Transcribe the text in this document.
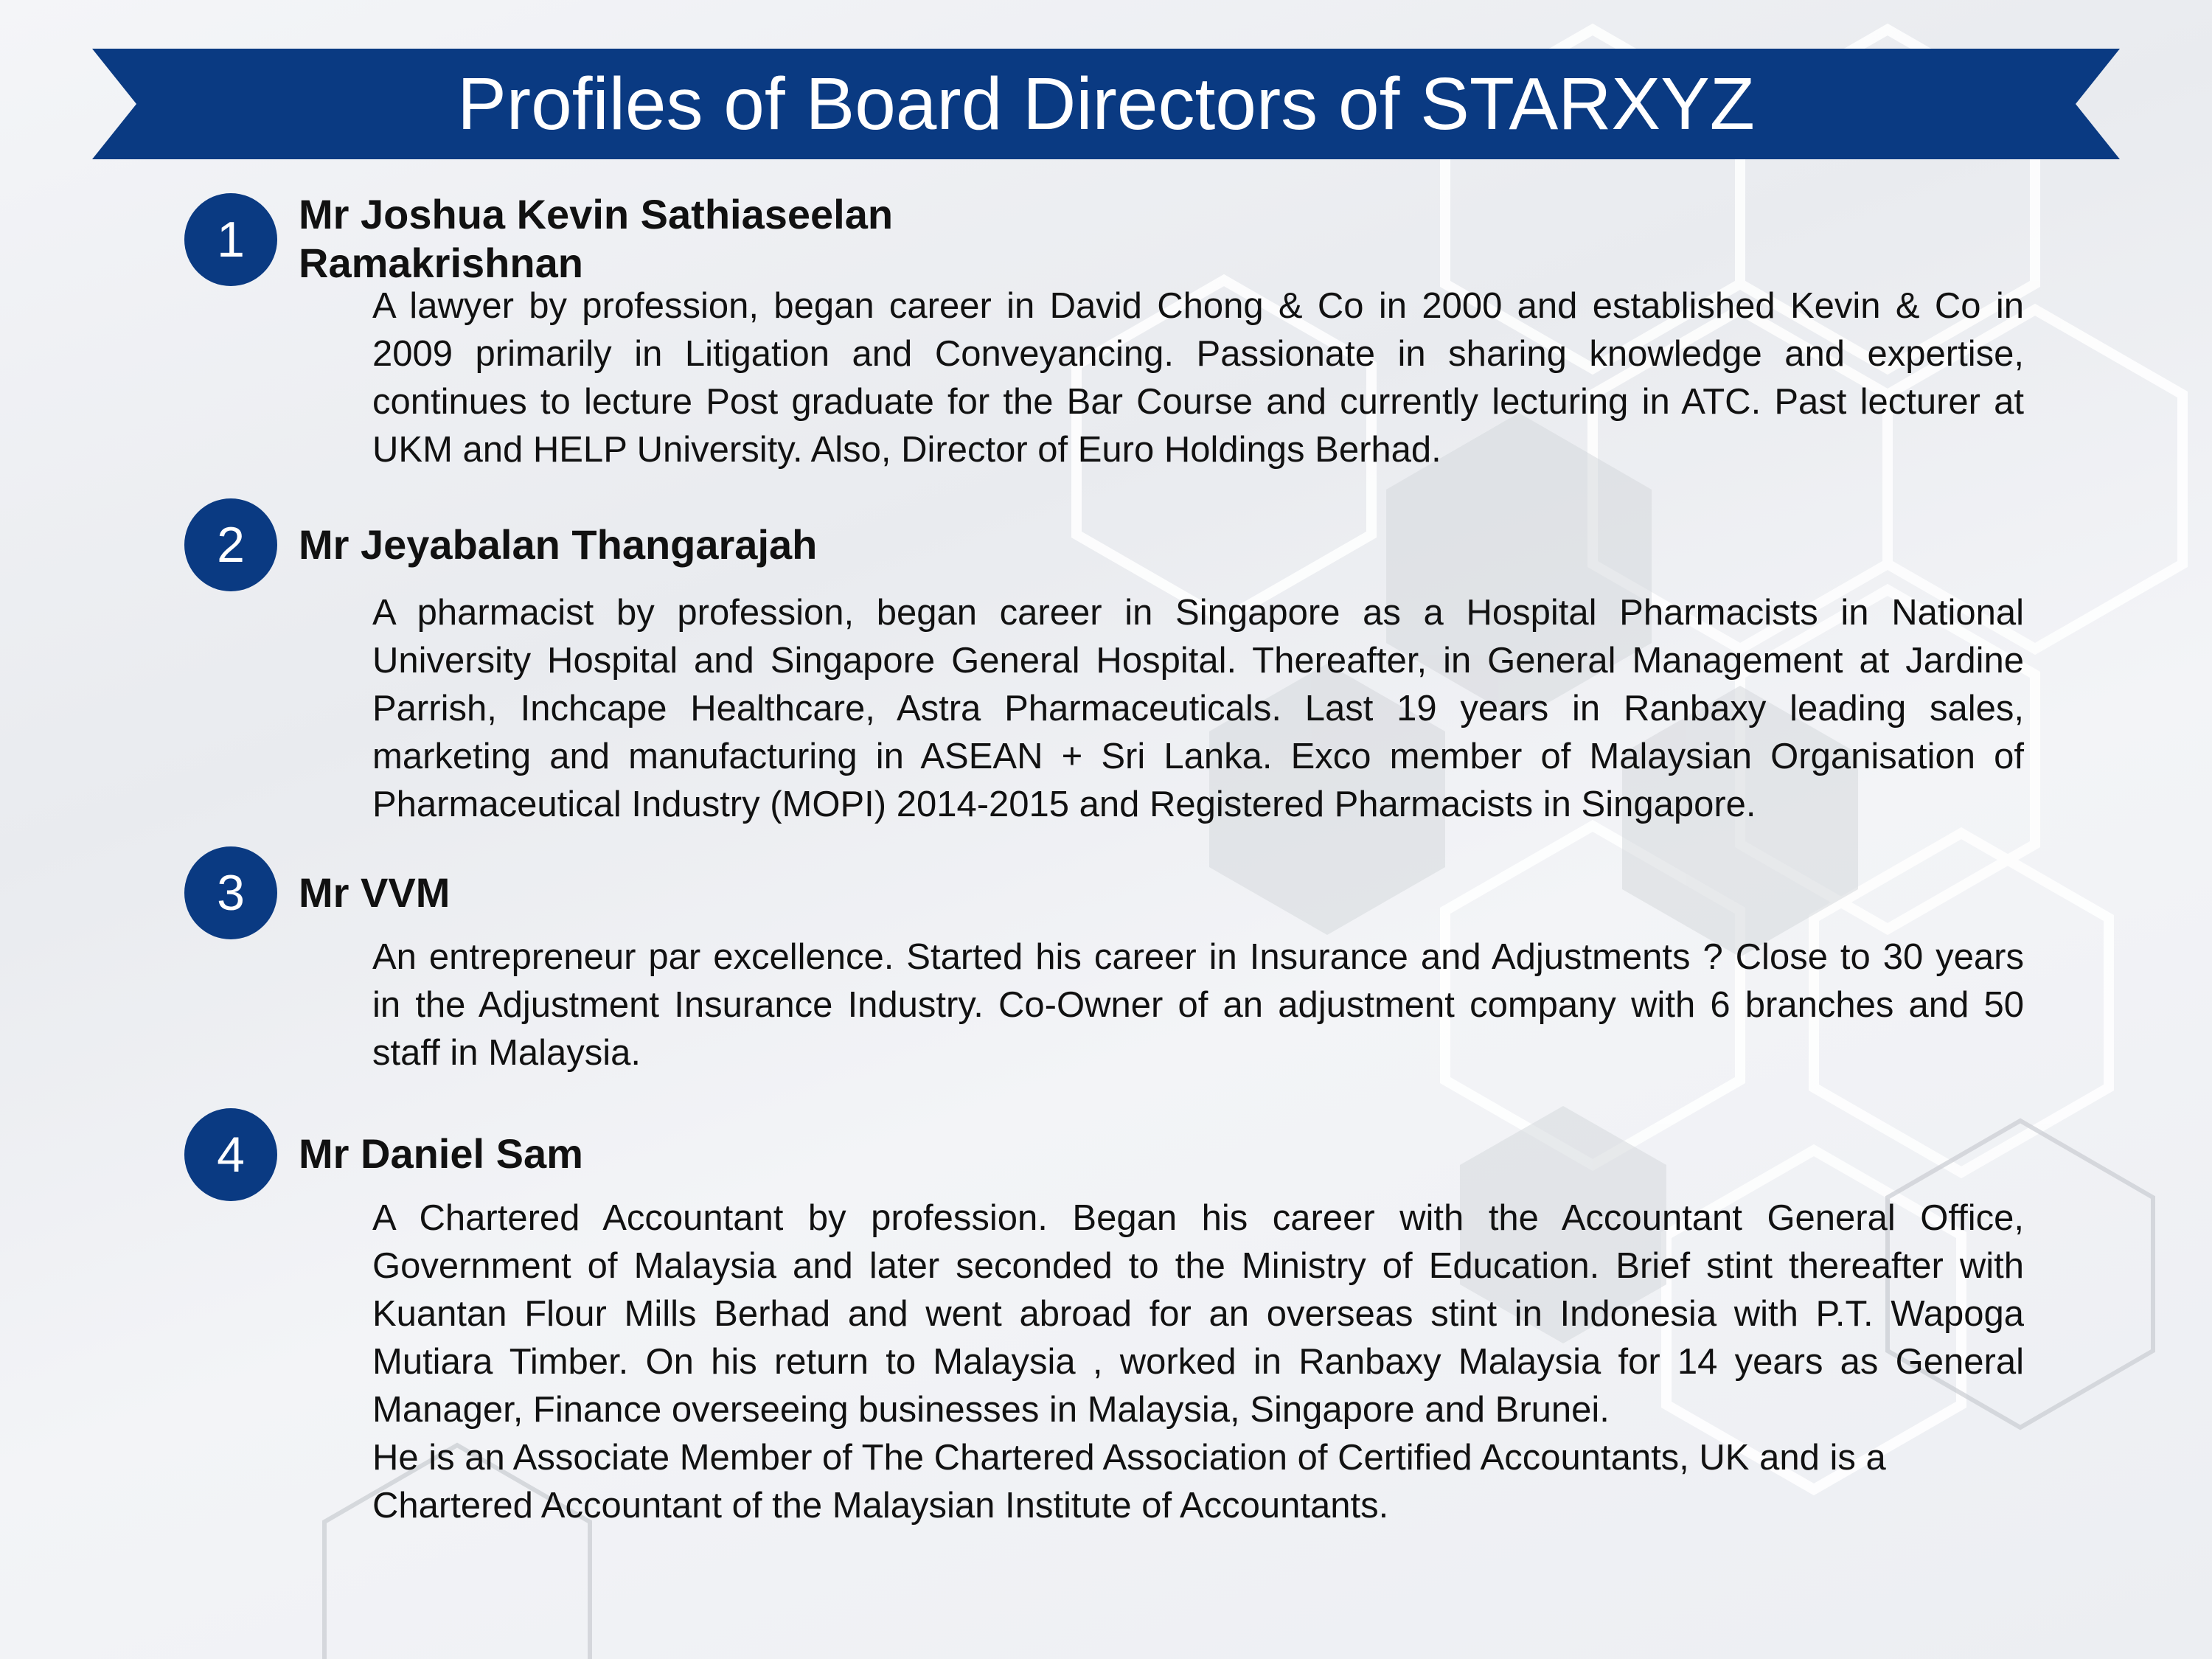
Profiles of Board Directors of STARXYZ
1	Mr Joshua Kevin Sathiaseelan Ramakrishnan

A lawyer by profession, began career in David Chong & Co in 2000 and established Kevin & Co in 2009 primarily in Litigation and Conveyancing. Passionate in sharing knowledge and expertise, continues to lecture Post graduate for the Bar Course and currently lecturing in ATC. Past lecturer at UKM and HELP University. Also, Director of Euro Holdings Berhad.

2	Mr Jeyabalan Thangarajah

A pharmacist by profession, began career in Singapore as a Hospital Pharmacists in National University Hospital and Singapore General Hospital. Thereafter, in General Management at Jardine Parrish, Inchcape Healthcare, Astra Pharmaceuticals. Last 19 years in Ranbaxy leading sales, marketing and manufacturing in ASEAN + Sri Lanka. Exco member of Malaysian Organisation of Pharmaceutical Industry (MOPI) 2014-2015 and Registered Pharmacists in Singapore.

3	Mr VVM

An entrepreneur par excellence. Started his career in Insurance and Adjustments ? Close to 30 years in the Adjustment Insurance Industry. Co-Owner of an adjustment company with 6 branches and 50 staff in Malaysia.

4	Mr Daniel Sam

A Chartered Accountant by profession. Began his career with the Accountant General Office, Government of Malaysia and later seconded to the Ministry of Education. Brief stint thereafter with Kuantan Flour Mills Berhad and went abroad for an overseas stint in Indonesia with P.T. Wapoga Mutiara Timber. On his return to Malaysia , worked in Ranbaxy Malaysia for 14 years as General Manager, Finance overseeing businesses in Malaysia, Singapore and Brunei.

He is an Associate Member of The Chartered Association of Certified Accountants, UK and is a Chartered Accountant of the Malaysian Institute of Accountants.
